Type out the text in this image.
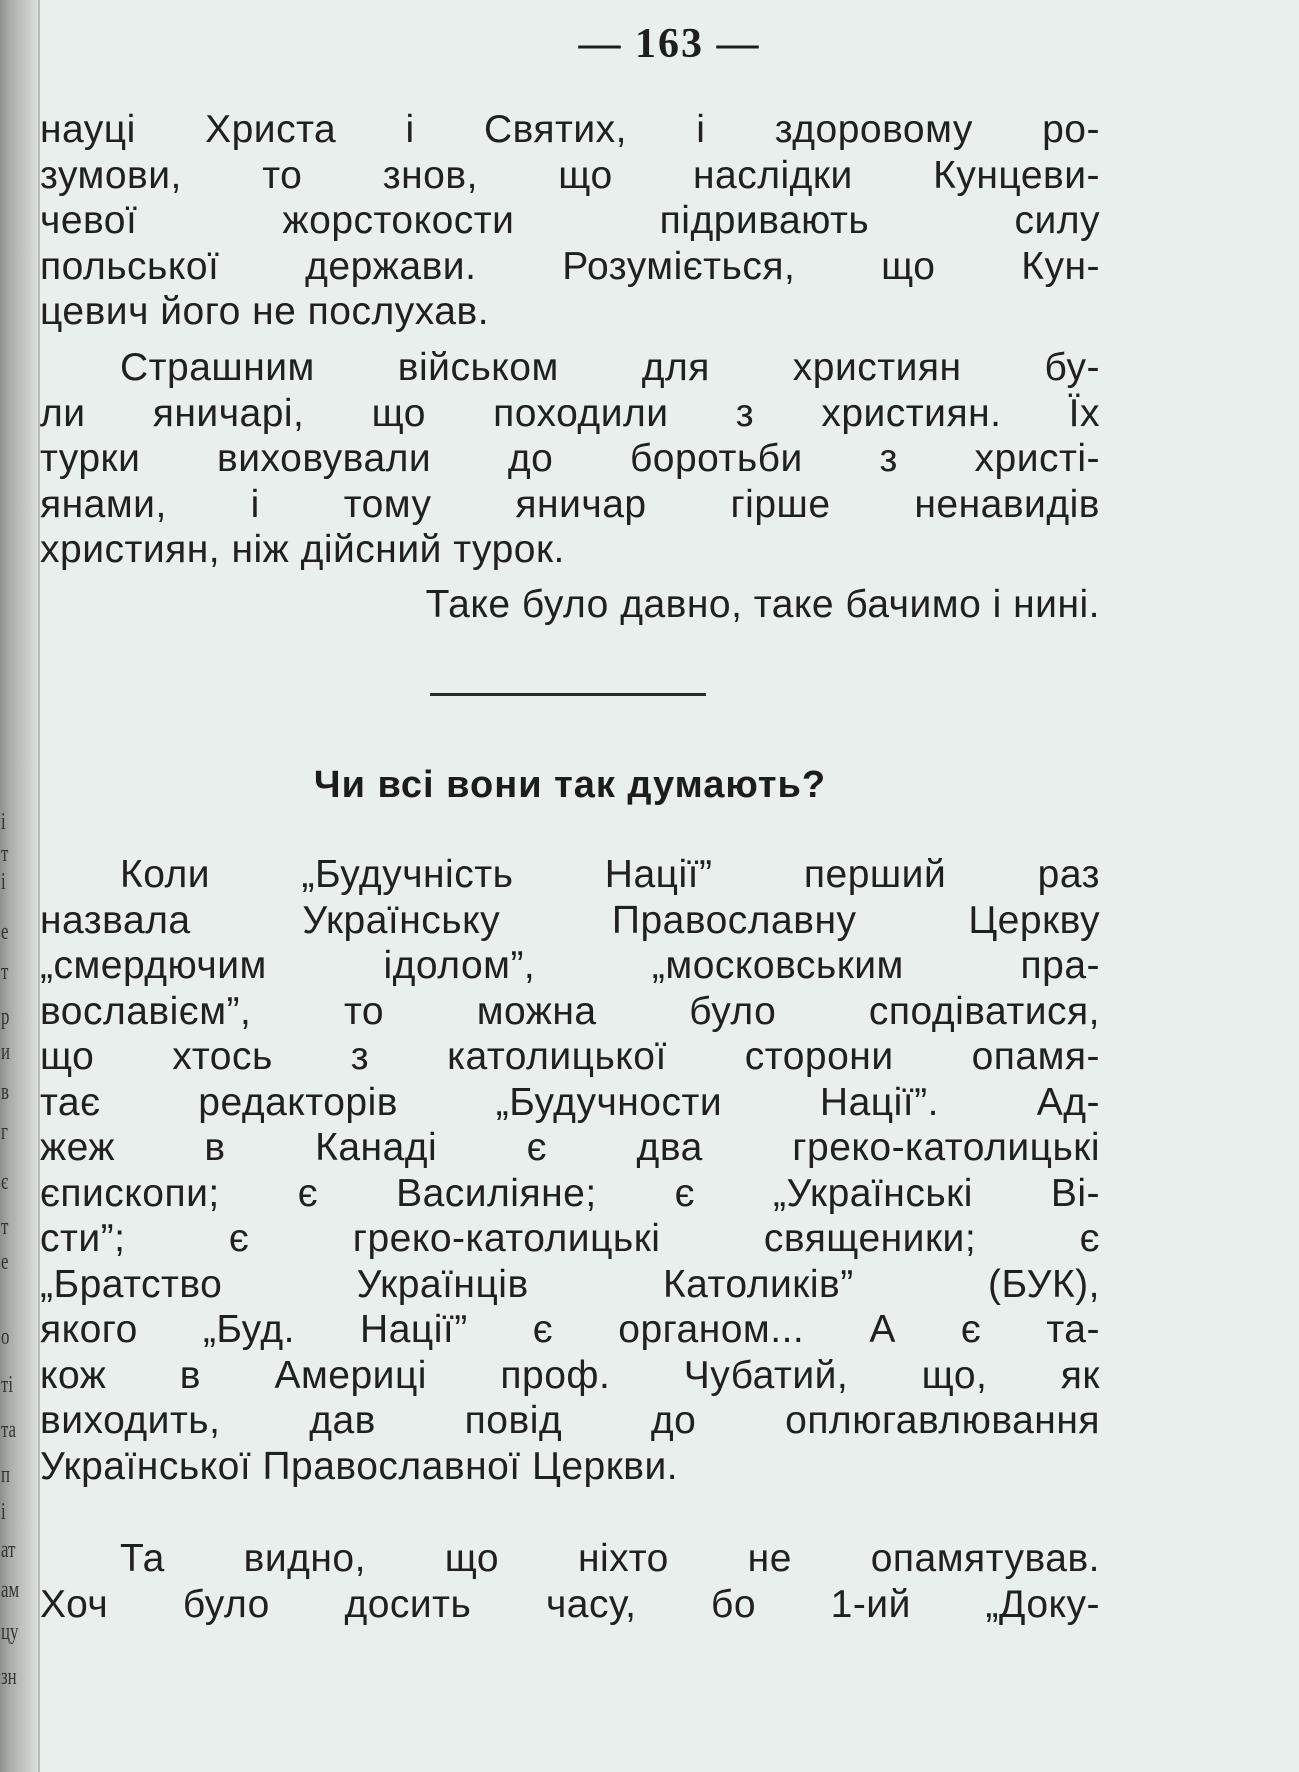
і
т
і
е
т
р
и
в
г
є
т
е
о
ті
та
п
і
ат
ам
цу
зн
— 163 —
науці Христа і Святих, і здоровому ро-
зумови, то знов, що наслідки Кунцеви-
чевої жорстокости підривають силу
польської держави. Розуміється, що Кун-
цевич його не послухав.
Страшним військом для християн бу-
ли яничарі, що походили з християн. Їх
турки виховували до боротьби з христі-
янами, і тому яничар гірше ненавидів
християн, ніж дійсний турок.
Таке було давно, таке бачимо і нині.
Чи всі вони так думають?
Коли „Будучність Нації” перший раз
назвала Українську Православну Церкву
„смердючим ідолом”, „московським пра-
вославієм”, то можна було сподіватися,
що хтось з католицької сторони опамя-
тає редакторів „Будучности Нації”. Ад-
жеж в Канаді є два греко-католицькі
єпископи; є Василіяне; є „Українські Ві-
сти”; є греко-католицькі священики; є
„Братство Українців Католиків” (БУК),
якого „Буд. Нації” є органом... А є та-
кож в Америці проф. Чубатий, що, як
виходить, дав повід до оплюгавлювання
Української Православної Церкви.
Та видно, що ніхто не опамятував.
Хоч було досить часу, бо 1-ий „Доку-
